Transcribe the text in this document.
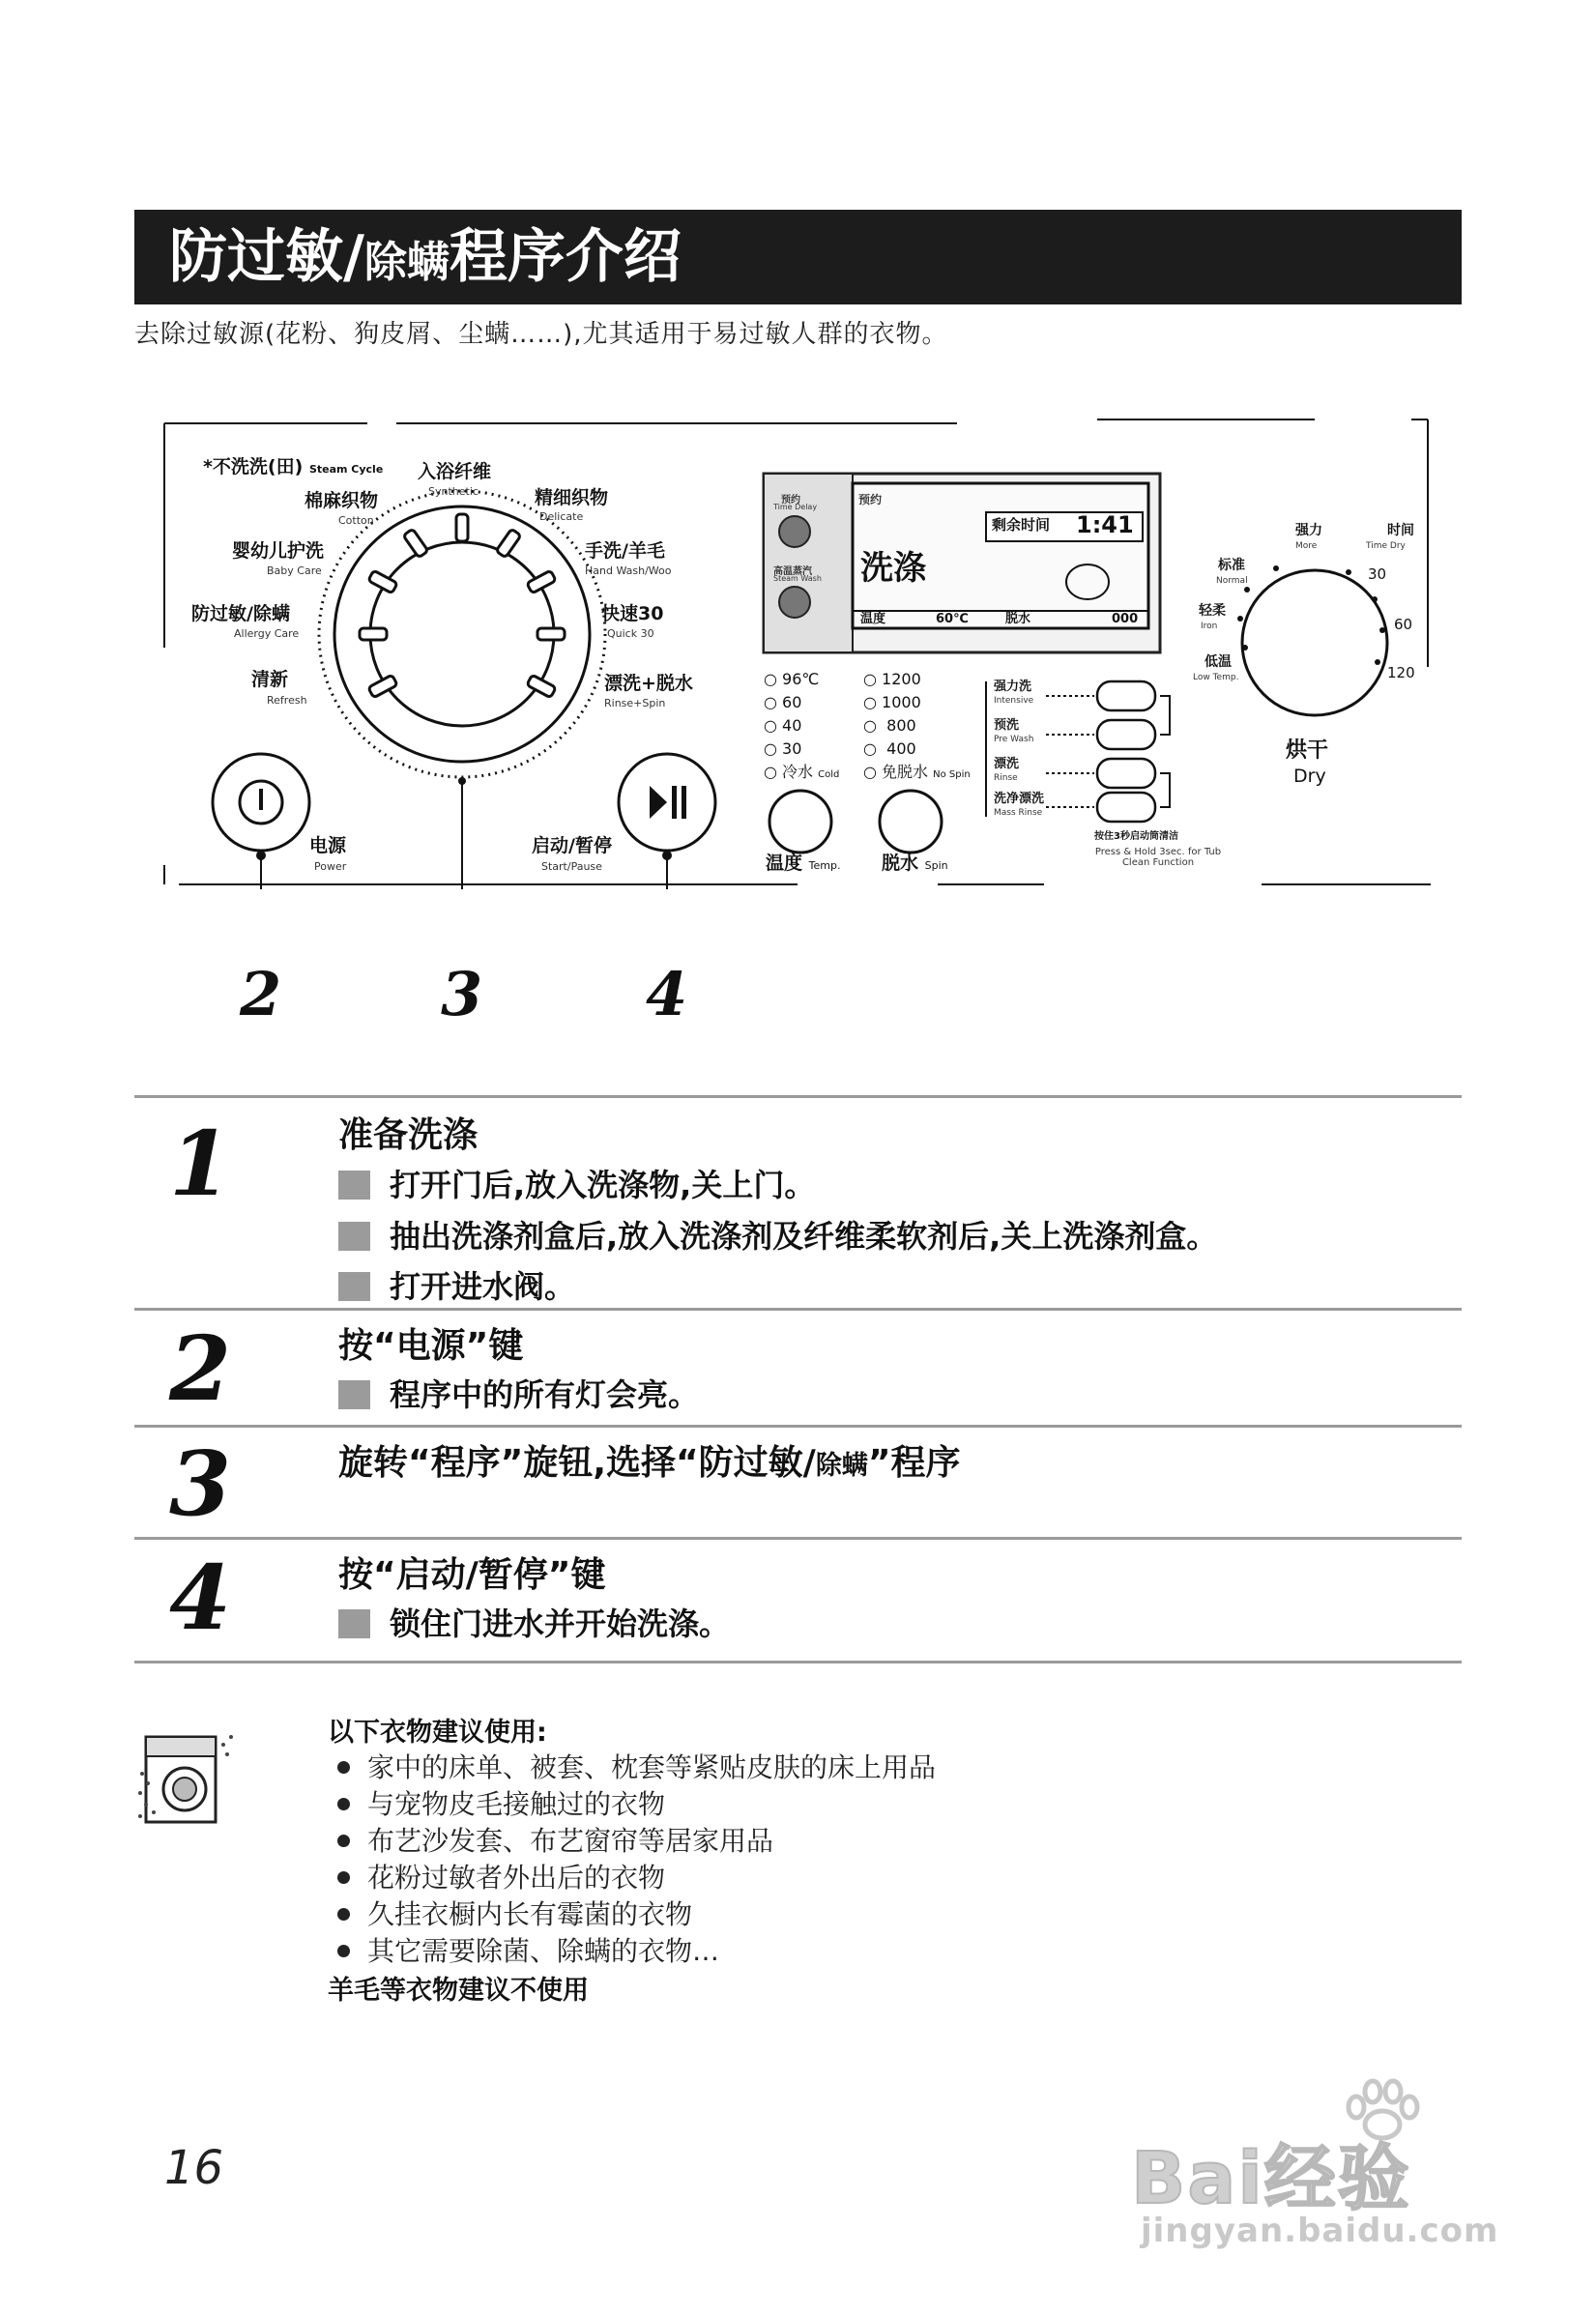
防过敏/除螨程序介绍
去除过敏源(花粉、狗皮屑、尘螨……),尤其适用于易过敏人群的衣物。
*不洗洗(田) Steam Cycle 入浴纤维
Synthetic	精细织物
Delicate
棉麻织物
Cotton
手洗/羊毛
Hand Wash/Woo
婴幼儿护洗
Baby Care
快速30
Quick 30
防过敏/除螨
Allergy Care
清新
Refresh
漂洗+脱水
Rinse+Spin
电源
Power
启动/暂停
Start/Pause
预约
Time Delay
高温蒸汽
Steam Wash
预约
剩余时间 1:41
洗涤
温度	60℃	脱水	000
○ 96℃
○ 60
○ 40
○ 30
○ 冷水 Cold
○ 1200
○ 1000
○  800
○  400
○ 免脱水 No Spin
温度 Temp. 脱水 Spin
强力洗
Intensive
预洗
Pre Wash
漂洗
Rinse
洗净漂洗
Mass Rinse
按住3秒启动筒清洁
Press & Hold 3sec. for Tub Clean Function
强力
More
标准
Normal
轻柔
Iron
低温
Low Temp.
时间
Time Dry
30
60
120
烘干
Dry
2	3	4
1	准备洗涤
打开门后,放入洗涤物,关上门。
抽出洗涤剂盒后,放入洗涤剂及纤维柔软剂后,关上洗涤剂盒。
打开进水阀。
2	按“电源”键
程序中的所有灯会亮。
3	旋转“程序”旋钮,选择“防过敏/除螨”程序
4	按“启动/暂停”键
锁住门进水并开始洗涤。
以下衣物建议使用:
家中的床单、被套、枕套等紧贴皮肤的床上用品
与宠物皮毛接触过的衣物
布艺沙发套、布艺窗帘等居家用品
花粉过敏者外出后的衣物
久挂衣橱内长有霉菌的衣物
其它需要除菌、除螨的衣物…
羊毛等衣物建议不使用
16	Bai经验
jingyan.baidu.com
